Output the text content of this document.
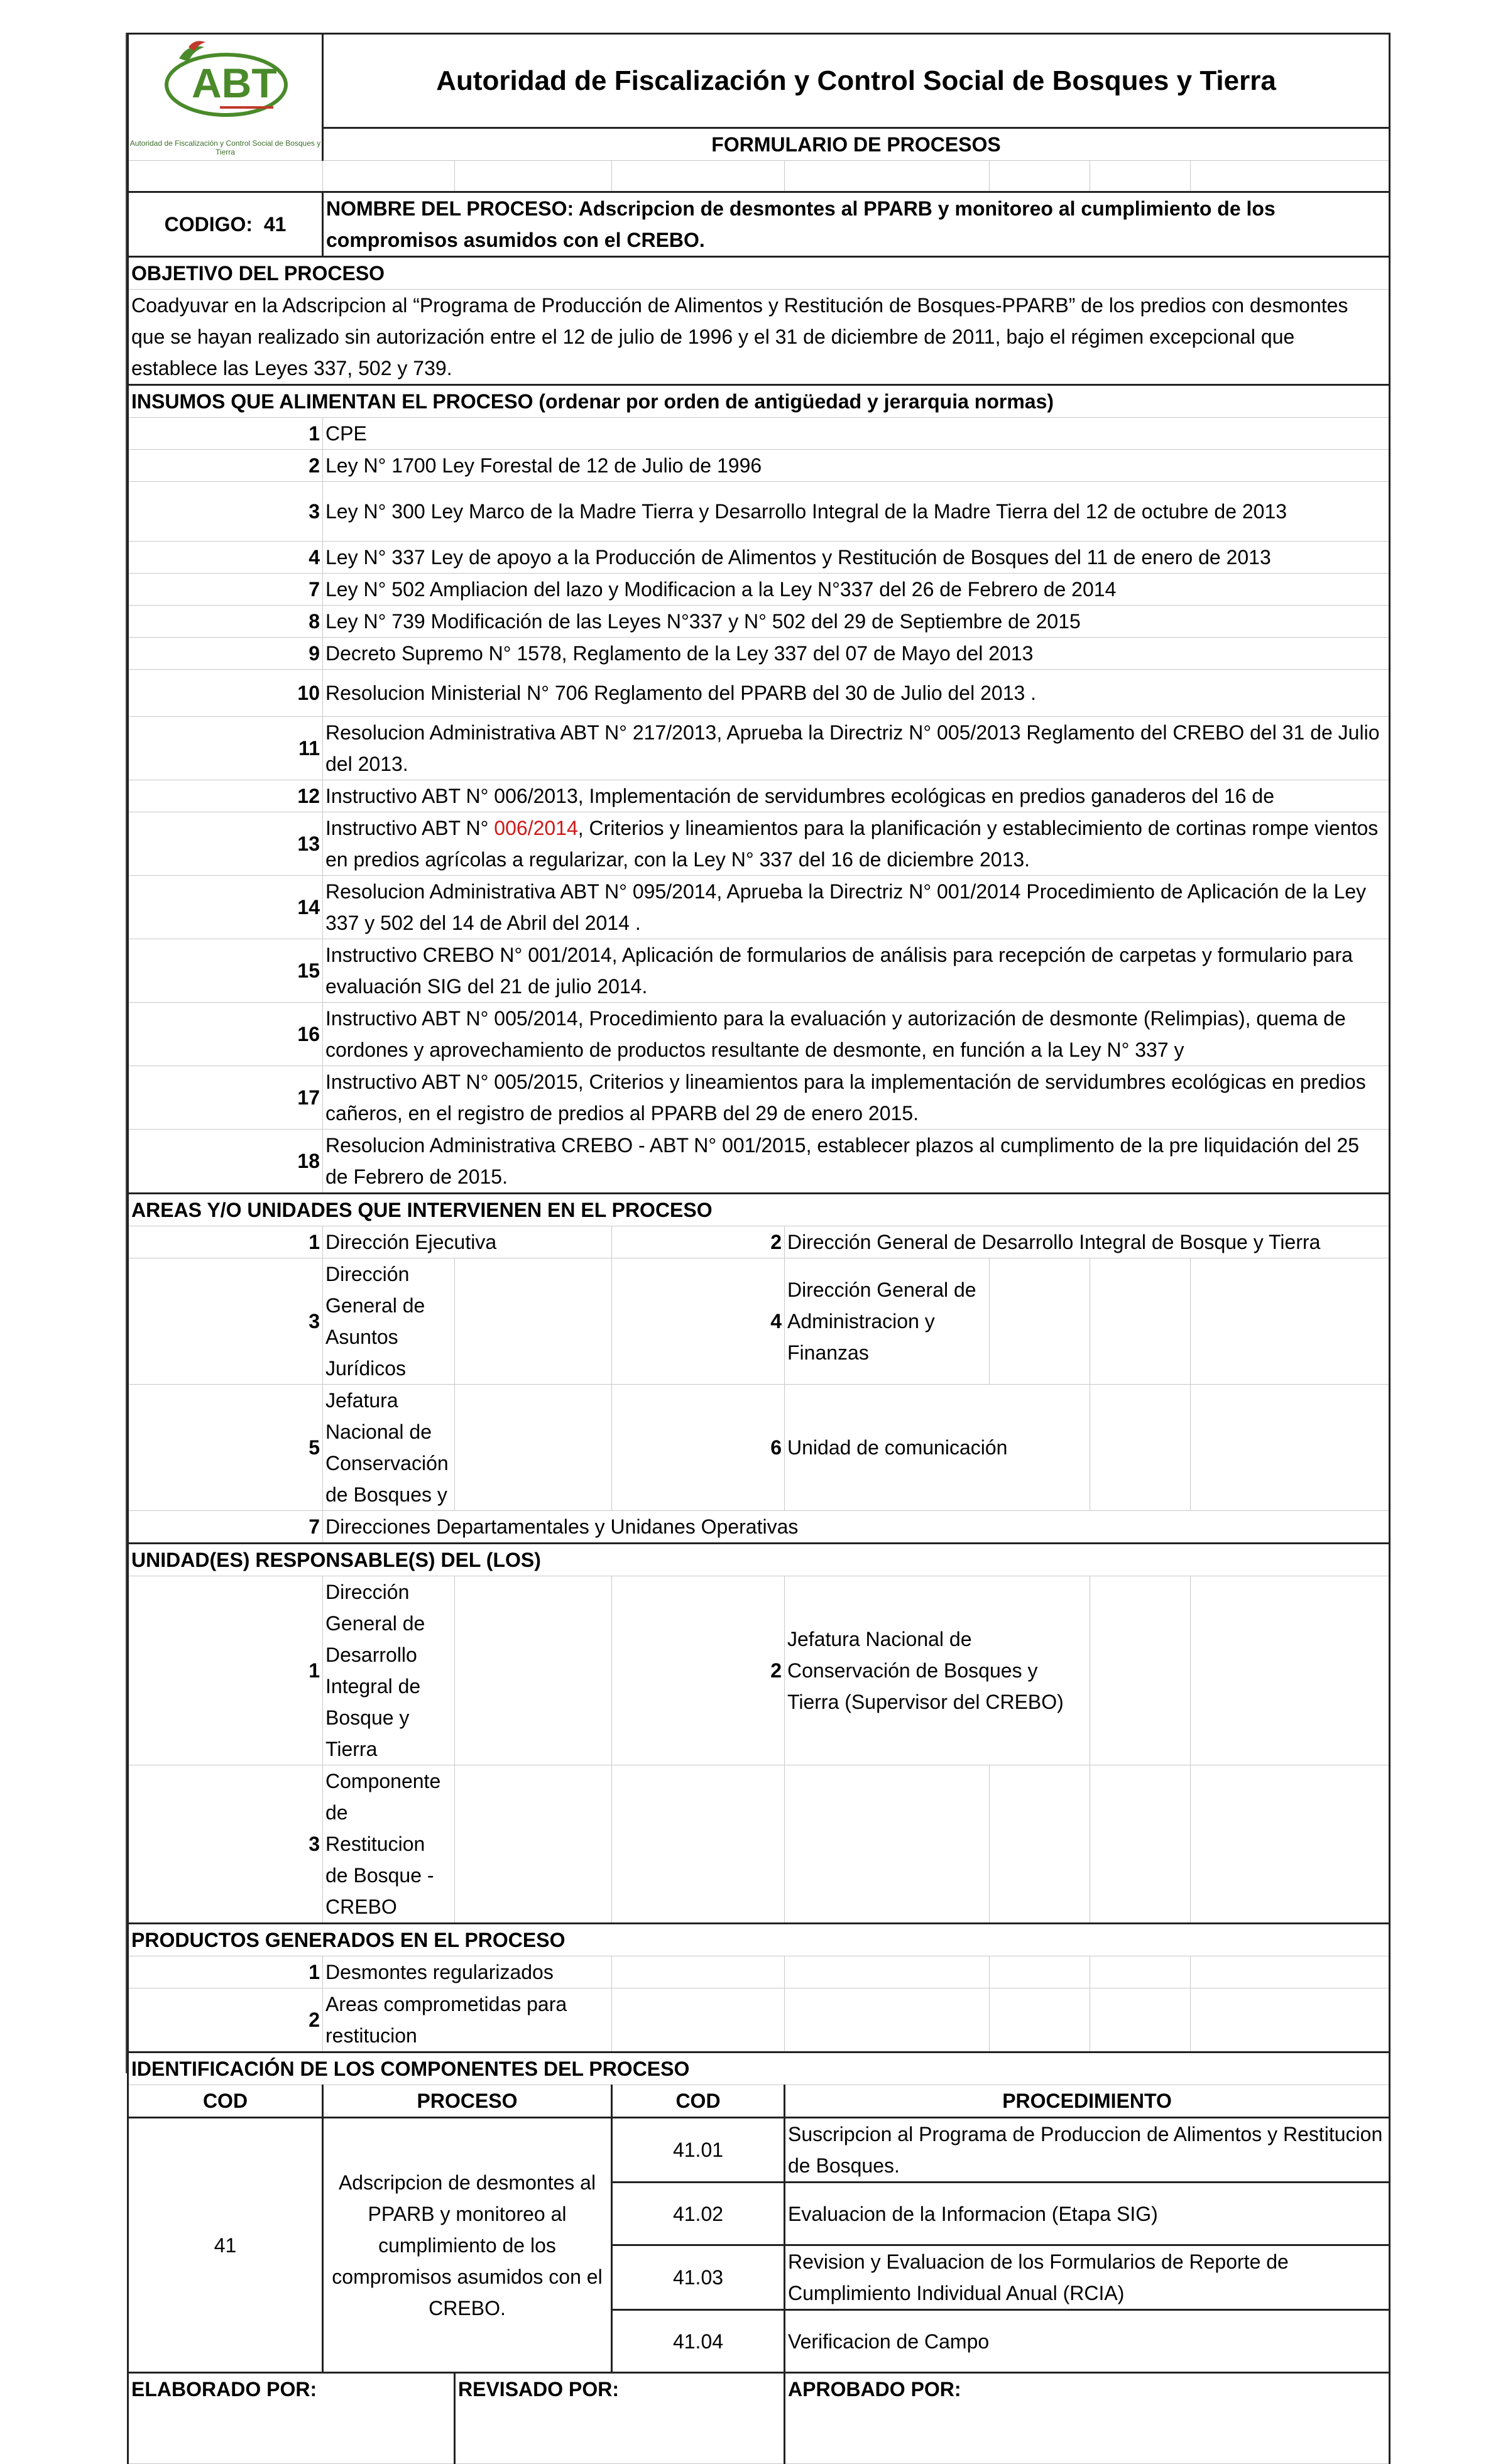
ABT
Autoridad de Fiscalización y Control Social de Bosques y Tierra	Autoridad de Fiscalización y Control Social de Bosques y Tierra						
	FORMULARIO DE PROCESOS						

CODIGO: 41	NOMBRE DEL PROCESO: Adscripcion de desmontes al PPARB y monitoreo al cumplimiento de los compromisos asumidos con el CREBO.						
OBJETIVO DEL PROCESO							
Coadyuvar en la Adscripcion al “Programa de Producción de Alimentos y Restitución de Bosques-PPARB” de los predios con desmontes que se hayan realizado sin autorización entre el 12 de julio de 1996 y el 31 de diciembre de 2011, bajo el régimen excepcional que establece las Leyes 337, 502 y 739.							
INSUMOS QUE ALIMENTAN EL PROCESO (ordenar por orden de antigüedad y jerarquia normas)							
1	CPE						
2	Ley N° 1700 Ley Forestal de 12 de Julio de 1996						
3	Ley N° 300 Ley Marco de la Madre Tierra y Desarrollo Integral de la Madre Tierra del 12 de octubre de 2013						
4	Ley N° 337 Ley de apoyo a la Producción de Alimentos y Restitución de Bosques del 11 de enero de 2013						
7	Ley N° 502 Ampliacion del lazo y Modificacion a la Ley N°337 del 26 de Febrero de 2014						
8	Ley N° 739 Modificación de las Leyes N°337 y N° 502 del 29 de Septiembre de 2015						
9	Decreto Supremo N° 1578, Reglamento de la Ley 337 del 07 de Mayo del 2013						
10	Resolucion Ministerial N° 706 Reglamento del PPARB del 30 de Julio del 2013 .						
11	Resolucion Administrativa ABT N° 217/2013, Aprueba la Directriz N° 005/2013 Reglamento del CREBO del 31 de Julio del 2013.						
12	Instructivo ABT N° 006/2013, Implementación de servidumbres ecológicas en predios ganaderos del 16 de						
13	Instructivo ABT N° 006/2014, Criterios y lineamientos para la planificación y establecimiento de cortinas rompe vientos en predios agrícolas a regularizar, con la Ley N° 337 del 16 de diciembre 2013.						
14	Resolucion Administrativa ABT N° 095/2014, Aprueba la Directriz N° 001/2014 Procedimiento de Aplicación de la Ley 337 y 502 del 14 de Abril del 2014 .						
15	Instructivo CREBO N° 001/2014, Aplicación de formularios de análisis para recepción de carpetas y formulario para evaluación SIG del 21 de julio 2014.						
16	Instructivo ABT N° 005/2014, Procedimiento para la evaluación y autorización de desmonte (Relimpias), quema de cordones y aprovechamiento de productos resultante de desmonte, en función a la Ley N° 337 y						
17	Instructivo ABT N° 005/2015, Criterios y lineamientos para la implementación de servidumbres ecológicas en predios cañeros, en el registro de predios al PPARB del 29 de enero 2015.						
18	Resolucion Administrativa CREBO - ABT N° 001/2015, establecer plazos al cumplimento de la pre liquidación del 25 de Febrero de 2015.						
AREAS Y/O UNIDADES QUE INTERVIENEN EN EL PROCESO							
1	Dirección Ejecutiva		2	Dirección General de Desarrollo Integral de Bosque y Tierra			
3	Dirección General de Asuntos Jurídicos		4	Dirección General de Administracion y Finanzas			
5	Jefatura Nacional de Conservación de Bosques y		6	Unidad de comunicación			
7	Direcciones Departamentales y Unidanes Operativas						
UNIDAD(ES) RESPONSABLE(S) DEL (LOS)							
1	Dirección General de Desarrollo Integral de Bosque y Tierra		2	Jefatura Nacional de Conservación de Bosques y Tierra (Supervisor del CREBO)			
3	Componente de Restitucion de Bosque - CREBO						
PRODUCTOS GENERADOS EN EL PROCESO							
1	Desmontes regularizados						
2	Areas comprometidas para restitucion						
IDENTIFICACIÓN DE LOS COMPONENTES DEL PROCESO							
COD	PROCESO		COD	PROCEDIMIENTO			
41	Adscripcion de desmontes al PPARB y monitoreo al cumplimiento de los compromisos asumidos con el CREBO.		41.01	Suscripcion al Programa de Produccion de Alimentos y Restitucion de Bosques.			
			41.02	Evaluacion de la Informacion (Etapa SIG)			
			41.03	Revision y Evaluacion de los Formularios de Reporte de Cumplimiento Individual Anual (RCIA)			
			41.04	Verificacion de Campo			
ELABORADO POR:		REVISADO POR:		APROBADO POR:			
